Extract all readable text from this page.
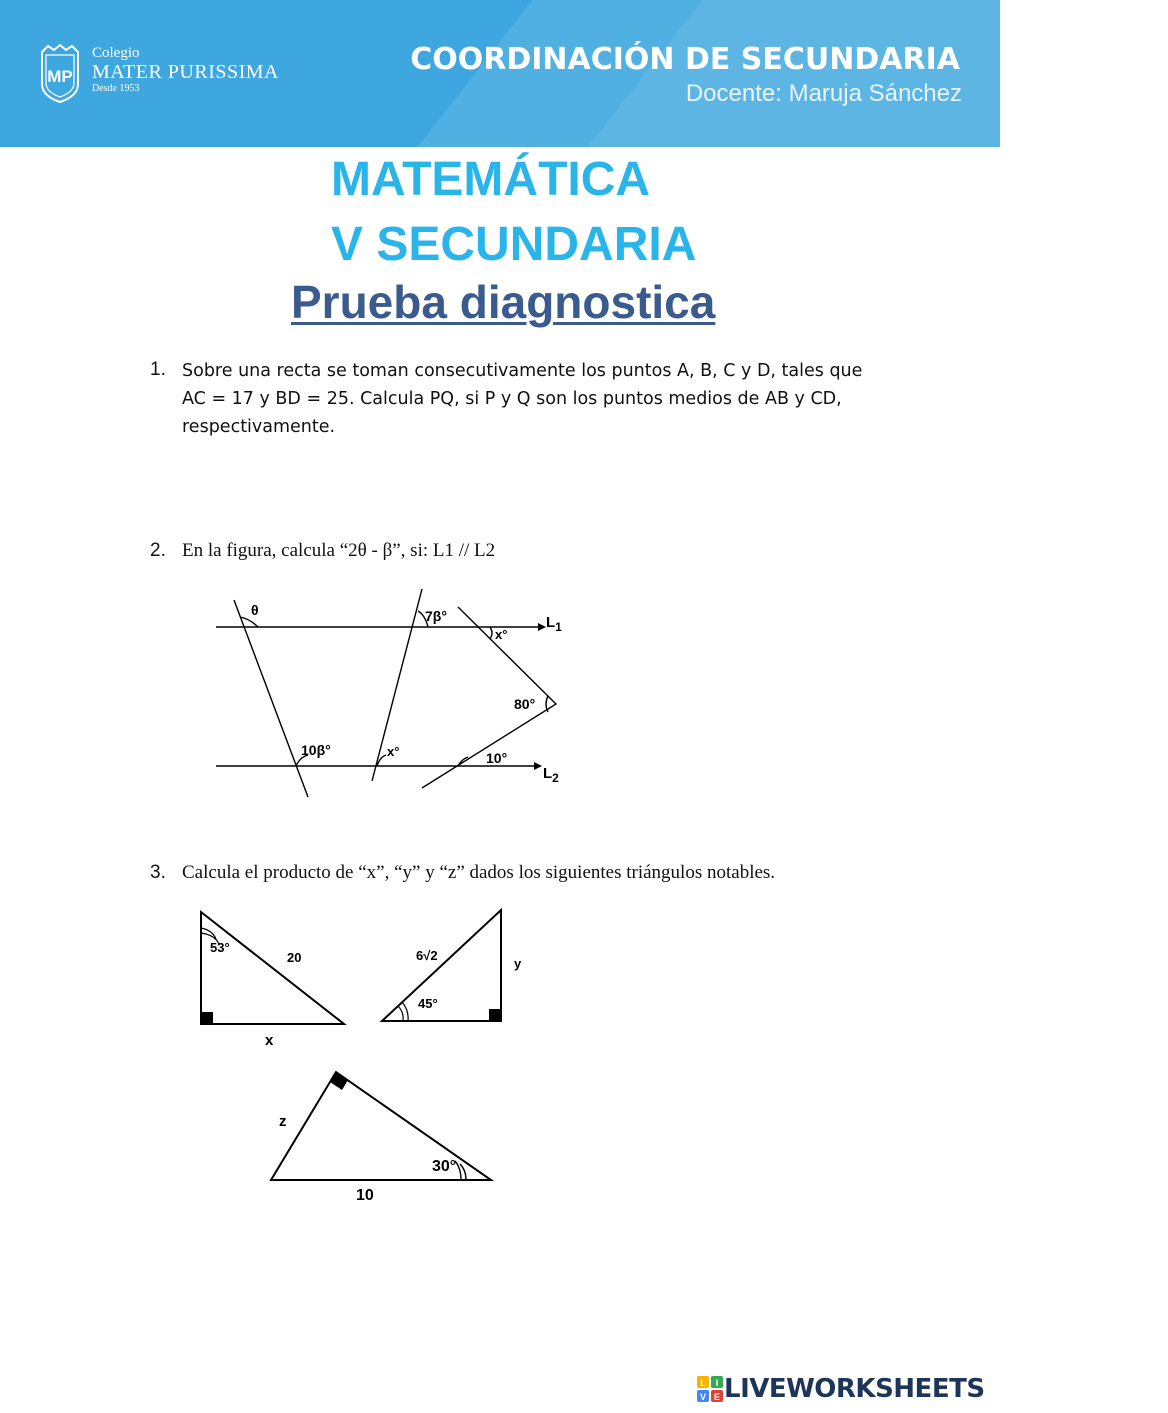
MP
Colegio
MATER PURISSIMA
Desde 1953
COORDINACIÓN DE SECUNDARIA
Docente: Maruja Sánchez
MATEMÁTICA
V SECUNDARIA
Prueba diagnostica
1. Sobre una recta se toman consecutivamente los puntos A, B, C y D, tales que AC = 17 y BD = 25. Calcula PQ, si P y Q son los puntos medios de AB y CD, respectivamente.
2. En la figura, calcula “2θ - β”, si: L1 // L2
θ	7β°
x°
$L_1$
80°
10β°	x°	10°
$L_2$
3. Calcula el producto de “x”, “y” y “z” dados los siguientes triángulos notables.
53°
20
x
6√2
45°
y
z
30°
10
L I
V E LIVEWORKSHEETS
